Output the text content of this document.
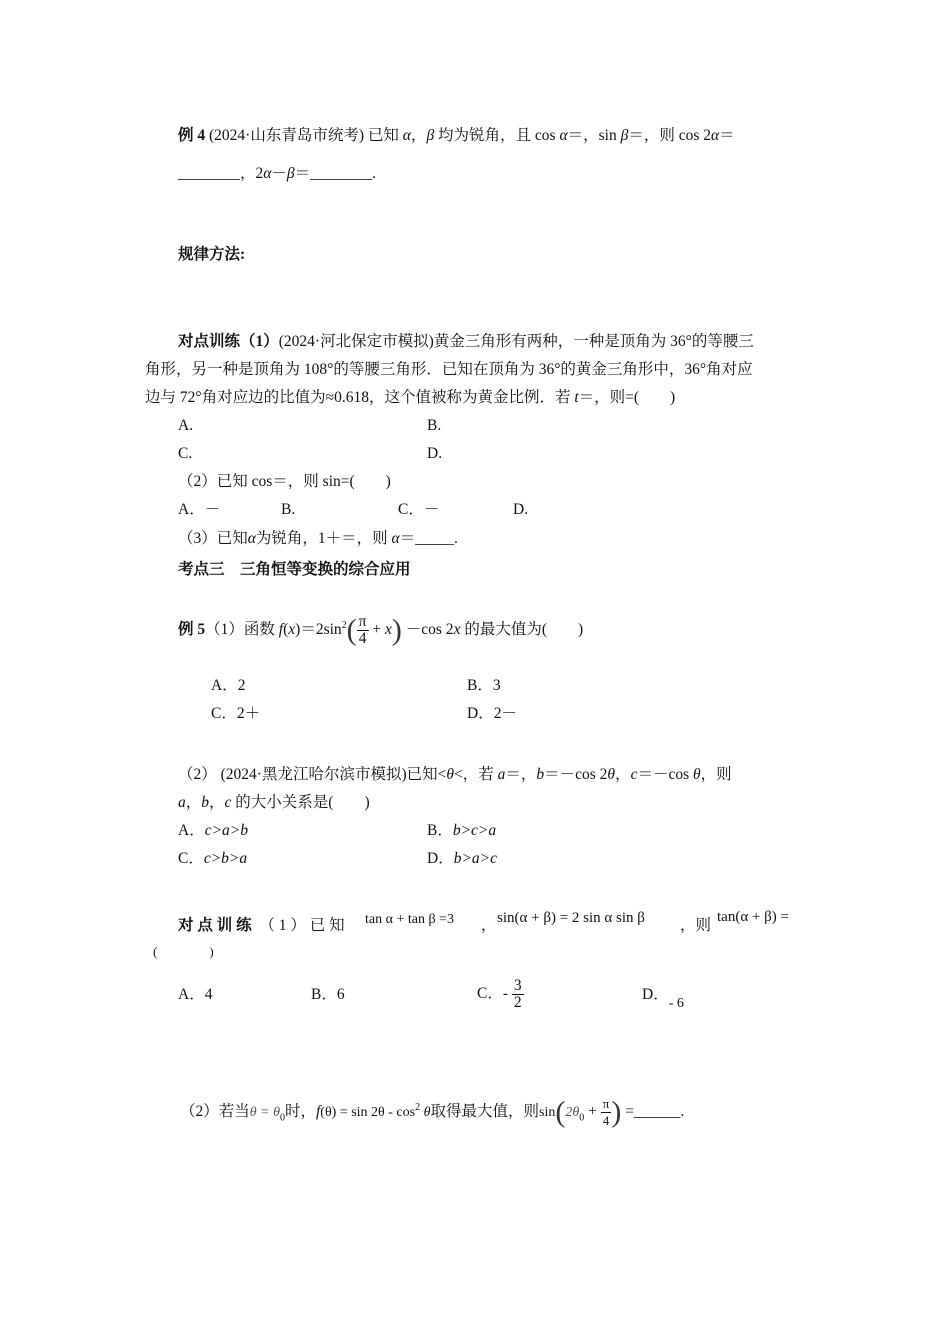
例 4 (2024·山东青岛市统考) 已知 α，β 均为锐角，且 cos α＝，sin β＝，则 cos 2α＝
________，2α－β＝________.
规律方法:
对点训练（1）(2024·河北保定市模拟)黄金三角形有两种，一种是顶角为 36°的等腰三
角形，另一种是顶角为 108°的等腰三角形．已知在顶角为 36°的黄金三角形中，36°角对应
边与 72°角对应边的比值为≈0.618，这个值被称为黄金比例．若 t＝，则=(　　)
A.	B.
C.	D.
（2）已知 cos＝，则 sin=(　　)
A．－	B.	C．－	D.
（3）已知α为锐角，1＋＝，则 α＝_____.
考点三　三角恒等变换的综合应用
例 5（1）函数 $f(x)=2\sin^2( \frac{\pi}{4} + x) -\cos$ 2x 的最大值为(　　)
A．2	B．3
C．2＋	D．2－
（2） (2024·黑龙江哈尔滨市模拟)已知<θ<，若 a＝，b＝－cos 2θ，c＝－cos θ，则
a，b，c 的大小关系是(　　)
A．c>a>b	B．b>c>a
C．c>b>a	D．b>a>c
对 点 训 练　 （ 1 ） 已 知 tan α + tan β =3 ， sin(α + β) = 2 sin α sin β ，则 tan(α + β) =
(　　　　)
A．4	B．6	C．- $\frac{3}{2}$	D．- 6
（2）若当$\theta = \theta_0$时，$f(\theta) = \sin 2\theta - \cos^2 \theta$取得最大值，则$\sin(2\theta_0 + \frac{\pi}{4}$ ) =______.
